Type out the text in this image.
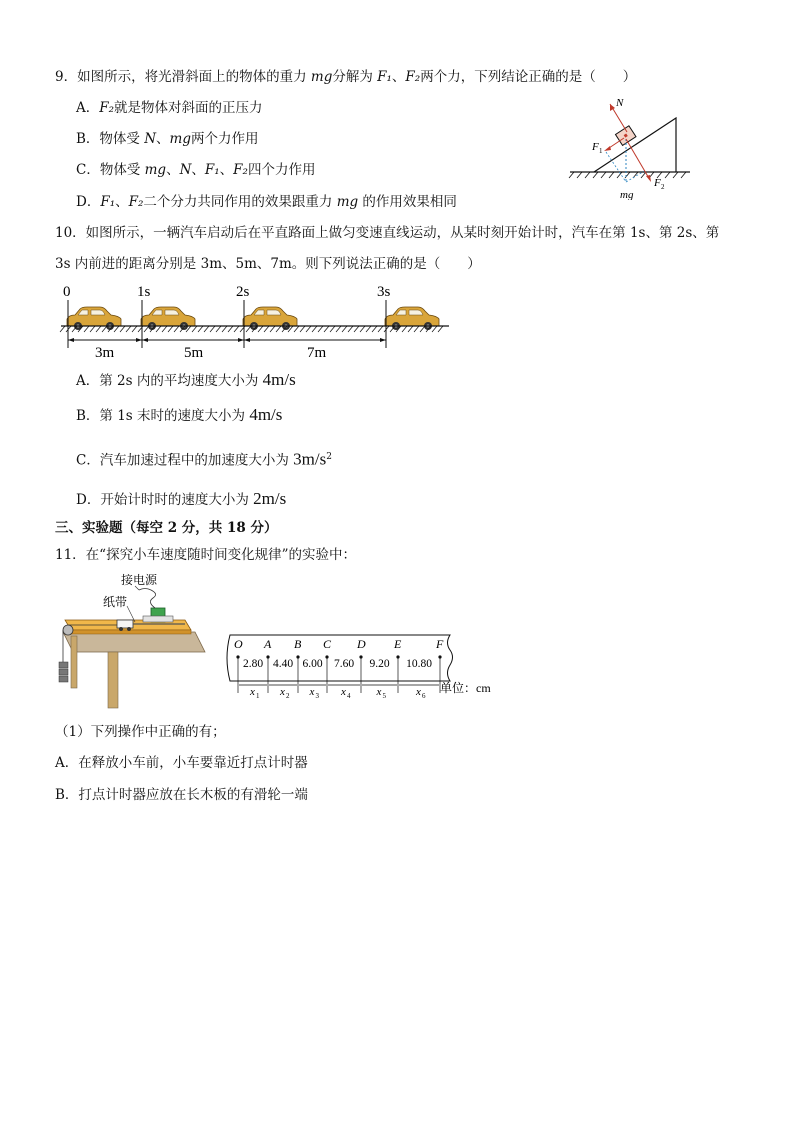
9．如图所示，将光滑斜面上的物体的重力 mg分解为 F₁、F₂两个力，下列结论正确的是（　　）
A．F₂就是物体对斜面的正压力
B．物体受 N、mg两个力作用
C．物体受 mg、N、F₁、F₂四个力作用
D．F₁、F₂二个分力共同作用的效果跟重力 mg 的作用效果相同
N
F 1
mg
F 2
10．如图所示，一辆汽车启动后在平直路面上做匀变速直线运动，从某时刻开始计时，汽车在第 1s、第 2s、第
3s 内前进的距离分别是 3m、5m、7m。则下列说法正确的是（　　）
0	1s	2s	3s
3m	5m	7m
A．第 2s 内的平均速度大小为 4m/s
B．第 1s 末时的速度大小为 4m/s
C．汽车加速过程中的加速度大小为 $3m/s^2$
D．开始计时时的速度大小为 2m/s
三、实验题（每空 2 分，共 18 分）
11．在“探究小车速度随时间变化规律”的实验中：
接电源
纸带
O A B C D E	F
2.80
x 1
4.40
x 2
6.00
x 3
7.60
x 4
9.20
x 5
10.80
x 6
单位：cm
（1）下列操作中正确的有；
A．在释放小车前，小车要靠近打点计时器
B．打点计时器应放在长木板的有滑轮一端
